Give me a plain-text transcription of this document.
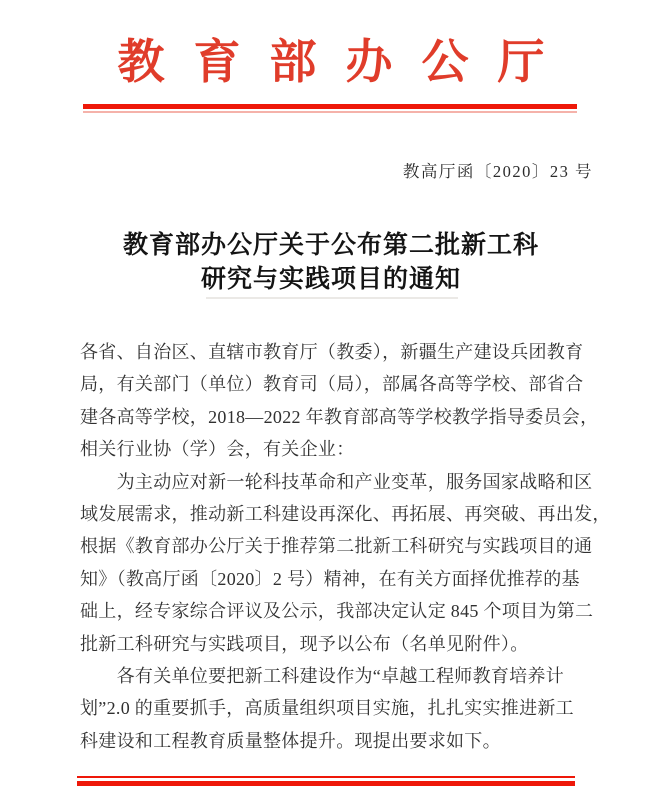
教育部办公厅
教高厅函〔2020〕23 号
教育部办公厅关于公布第二批新工科
研究与实践项目的通知
各省、自治区、直辖市教育厅（教委），新疆生产建设兵团教育
局，有关部门（单位）教育司（局），部属各高等学校、部省合
建各高等学校，2018—2022 年教育部高等学校教学指导委员会，
相关行业协（学）会，有关企业：
　　为主动应对新一轮科技革命和产业变革，服务国家战略和区
域发展需求，推动新工科建设再深化、再拓展、再突破、再出发，
根据《教育部办公厅关于推荐第二批新工科研究与实践项目的通
知》（教高厅函〔2020〕2 号）精神，在有关方面择优推荐的基
础上，经专家综合评议及公示，我部决定认定 845 个项目为第二
批新工科研究与实践项目，现予以公布（名单见附件）。
　　各有关单位要把新工科建设作为“卓越工程师教育培养计
划”2.0 的重要抓手，高质量组织项目实施，扎扎实实推进新工
科建设和工程教育质量整体提升。现提出要求如下。
